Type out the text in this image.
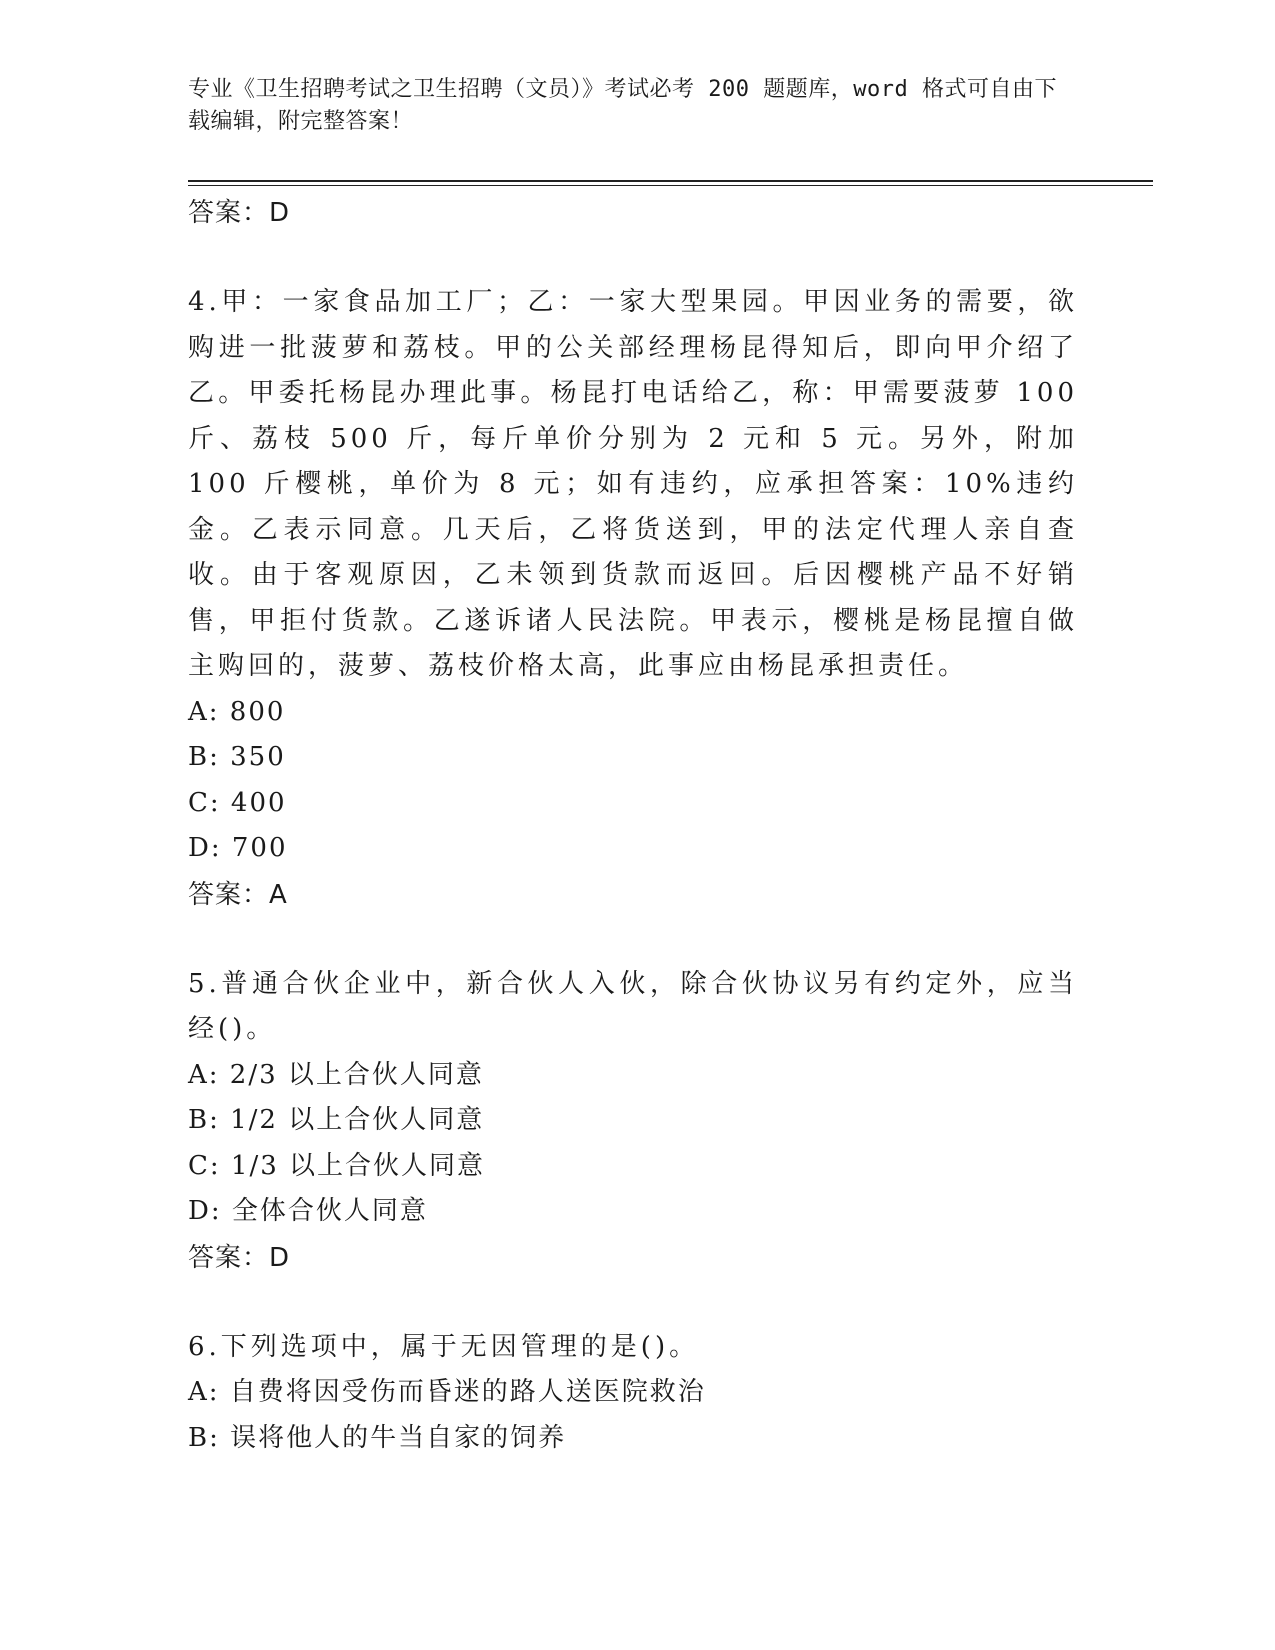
专业《卫生招聘考试之卫生招聘（文员）》考试必考 200 题题库，word 格式可自由下载编辑，附完整答案！
答案：D
4.甲：一家食品加工厂；乙：一家大型果园。甲因业务的需要，欲购进一批菠萝和荔枝。甲的公关部经理杨昆得知后，即向甲介绍了乙。甲委托杨昆办理此事。杨昆打电话给乙，称：甲需要菠萝 100 斤、荔枝 500 斤，每斤单价分别为 2 元和 5 元。另外，附加 100 斤樱桃，单价为 8 元；如有违约，应承担答案：10%违约金。乙表示同意。几天后，乙将货送到，甲的法定代理人亲自查收。由于客观原因，乙未领到货款而返回。后因樱桃产品不好销售，甲拒付货款。乙遂诉诸人民法院。甲表示，樱桃是杨昆擅自做主购回的，菠萝、荔枝价格太高，此事应由杨昆承担责任。
A: 800
B: 350
C: 400
D: 700
答案：A
5.普通合伙企业中，新合伙人入伙，除合伙协议另有约定外，应当经()。
A: 2/3 以上合伙人同意
B: 1/2 以上合伙人同意
C: 1/3 以上合伙人同意
D: 全体合伙人同意
答案：D
6.下列选项中，属于无因管理的是()。
A: 自费将因受伤而昏迷的路人送医院救治
B: 误将他人的牛当自家的饲养
